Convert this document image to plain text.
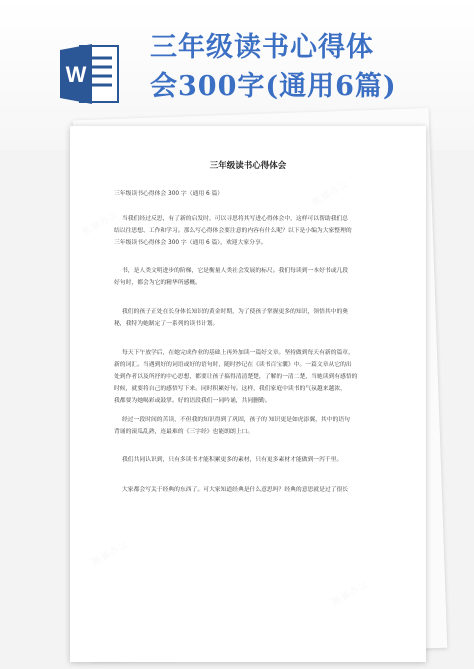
W
三年级读书心得体
会300字(通用6篇)
三年级读书心得体会
三年级读书心得体会 300 字（通用 6 篇）
当我们经过反思，有了新的启发时，可以寻思将其写进心得体会中，这样可以帮助我们总
结以往思想、工作和学习。那么写心得体会要注意的内容有什么呢？以下是小编为大家整理的
三年级读书心得体会 300 字（通用 6 篇），欢迎大家分享。
书，是人类文明进步的阶梯，它是衡量人类社会发展的标尺。我们每读到一本好书或几段
好句时，都会为它的精华所感概。
我们的孩子正处在长身体长知识的黄金时期，为了使孩子掌握更多的知识，领悟其中的奥
秘，我特为她制定了一系列的读书计划。
每天下午放学后，在她完成作业的基础上再外加读一篇好文章。坚持做到每天有新的篇章，
新的词汇。当遇到好的词语或好的语句时，随时抄记在《读书百宝囊》中。一篇文章从它的出
处到作者以及所抒的中心思想，都要让孩子搞得清清楚楚，了解的一清二楚，当她读到有感悟的
时候，就要将自己的感悟写下来。同时积累好句。这样，我们家庭中读书的气氛越来越浓，
我都要为她喝彩或鼓掌。好的语段我们一同吟诵，共同删勤。
经过一段时间的苦读，不但我的知识得到了巩固，孩子的 知识更是如虎添翼，其中的语句
背诵的滚瓜乱熟，连最难的《三字经》也能朗朗上口。
我们共同认识到，只有多读书才能积累更多的素材，只有更多素材才能做到一泻千里。
大家都会写关于经典的东西了。可大家知道经典是什么意思吗？经典的意思就是过了很长
